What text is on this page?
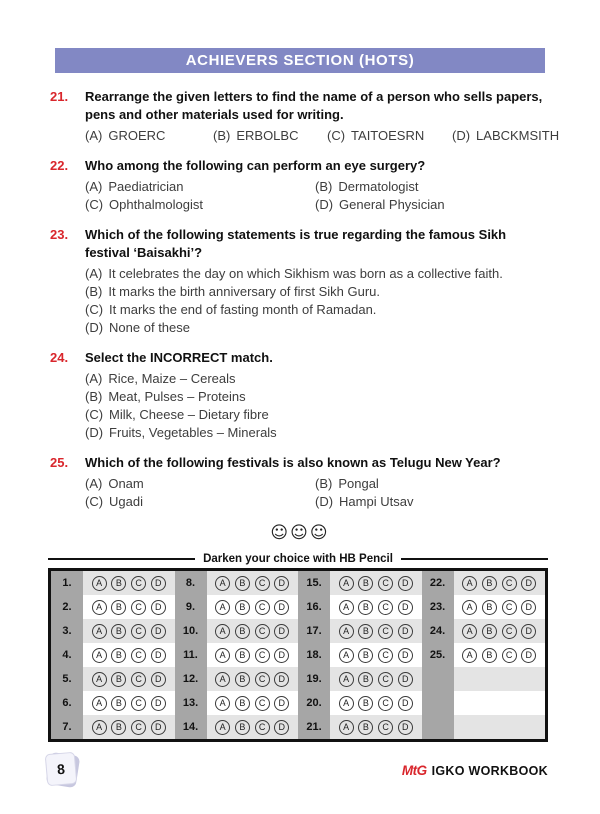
ACHIEVERS SECTION (HOTS)
21.	Rearrange the given letters to find the name of a person who sells papers, pens and other materials used for writing.
(A) GROERC	(B) ERBOLBC	(C) TAITOESRN	(D) LABCKMSITH
22.	Who among the following can perform an eye surgery?
(A) Paediatrician	(B) Dermatologist
(C) Ophthalmologist	(D) General Physician
23.	Which of the following statements is true regarding the famous Sikh festival ‘Baisakhi’?
(A) It celebrates the day on which Sikhism was born as a collective faith.
(B) It marks the birth anniversary of first Sikh Guru.
(C) It marks the end of fasting month of Ramadan.
(D) None of these
24.	Select the INCORRECT match.
(A) Rice, Maize – Cereals
(B) Meat, Pulses – Proteins
(C) Milk, Cheese – Dietary fibre
(D) Fruits, Vegetables – Minerals
25.	Which of the following festivals is also known as Telugu New Year?
(A) Onam	(B) Pongal
(C) Ugadi	(D) Hampi Utsav
☺☺☺
Darken your choice with HB Pencil
1.	A	B	C	D	8.	A	B	C	D	15.	A	B	C	D	22.	A	B	C	D
2.	A	B	C	D	9.	A	B	C	D	16.	A	B	C	D	23.	A	B	C	D
3.	A	B	C	D	10.	A	B	C	D	17.	A	B	C	D	24.	A	B	C	D
4.	A	B	C	D	11.	A	B	C	D	18.	A	B	C	D	25.	A	B	C	D
5.	A	B	C	D	12.	A	B	C	D	19.	A	B	C	D
6.	A	B	C	D	13.	A	B	C	D	20.	A	B	C	D
7.	A	B	C	D	14.	A	B	C	D	21.	A	B	C	D
8	MtG IGKO WORKBOOK
